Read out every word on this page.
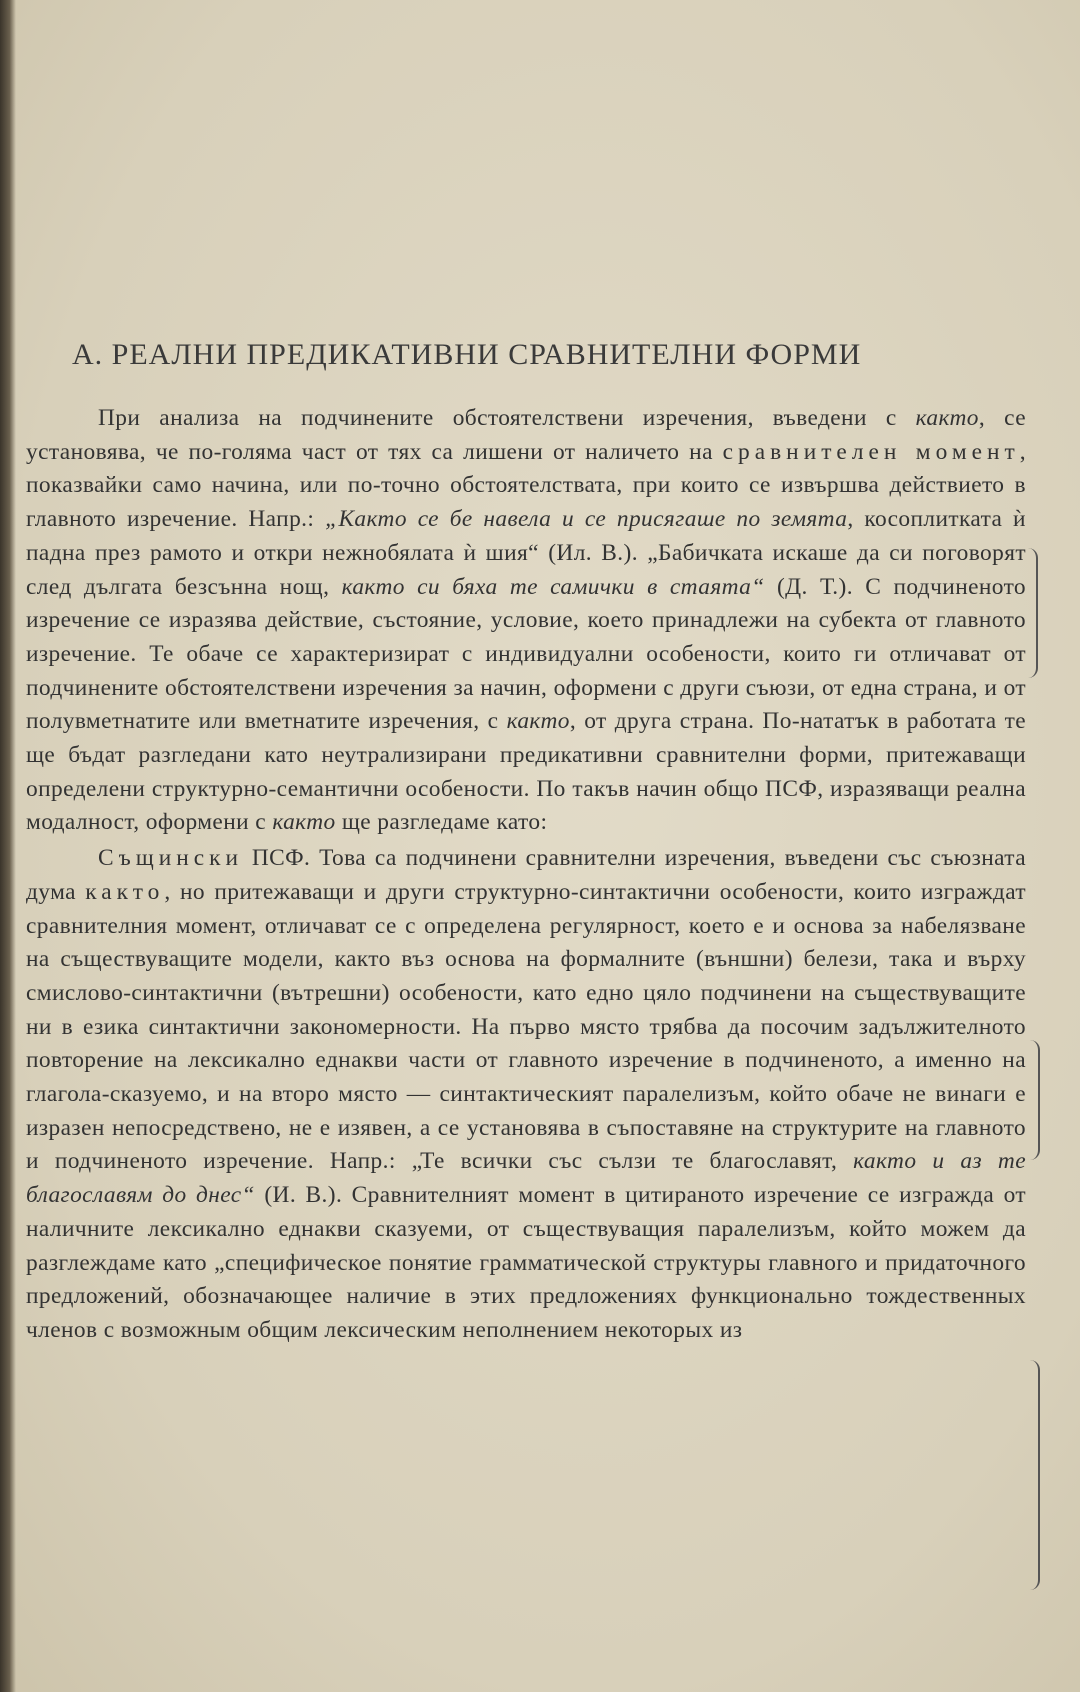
А. РЕАЛНИ ПРЕДИКАТИВНИ СРАВНИТЕЛНИ ФОРМИ

При анализа на подчинените обстоятелствени изречения, въведени с както, се установява, че по-голяма част от тях са лишени от наличето на сравнителен момент, показвайки само начина, или по-точно обстоятелствата, при които се извършва действието в главното изречение. Напр.: „Както се бе навела и се присягаше по земята, косоплитката ѝ падна през рамото и откри нежнобялата ѝ шия“ (Ил. В.). „Бабичката искаше да си поговорят след дългата безсънна нощ, както си бяха те самички в стаята“ (Д. Т.). С подчиненото изречение се изразява действие, състояние, условие, което принадлежи на субекта от главното изречение. Те обаче се характеризират с индивидуални особености, които ги отличават от подчинените обстоятелствени изречения за начин, оформени с други съюзи, от една страна, и от полувметнатите или вметнатите изречения, с както, от друга страна. По-нататък в работата те ще бъдат разгледани като неутрализирани предикативни сравнителни форми, притежаващи определени структурно-семантични особености. По такъв начин общо ПСФ, изразяващи реална модалност, оформени с както ще разгледаме като:

Същински ПСФ. Това са подчинени сравнителни изречения, въведени със съюзната дума както, но притежаващи и други структурно-синтактични особености, които изграждат сравнителния момент, отличават се с определена регулярност, което е и основа за набелязване на съществуващите модели, както въз основа на формалните (външни) белези, така и върху смислово-синтактични (вътрешни) особености, като едно цяло подчинени на съществуващите ни в езика синтактични закономерности. На първо място трябва да посочим задължителното повторение на лексикално еднакви части от главното изречение в подчиненото, а именно на глагола-сказуемо, и на второ място — синтактическият паралелизъм, който обаче не винаги е изразен непосредствено, не е изявен, а се установява в съпоставяне на структурите на главното и подчиненото изречение. Напр.: „Те всички със сълзи те благославят, както и аз те благославям до днес“ (И. В.). Сравнителният момент в цитираното изречение се изгражда от наличните лексикално еднакви сказуеми, от съществуващия паралелизъм, който можем да разглеждаме като „специфическое понятие грамматической структуры главного и придаточного предложений, обозначающее наличие в этих предложениях функционально тождественных членов с возможным общим лексическим неполнением некоторых из
